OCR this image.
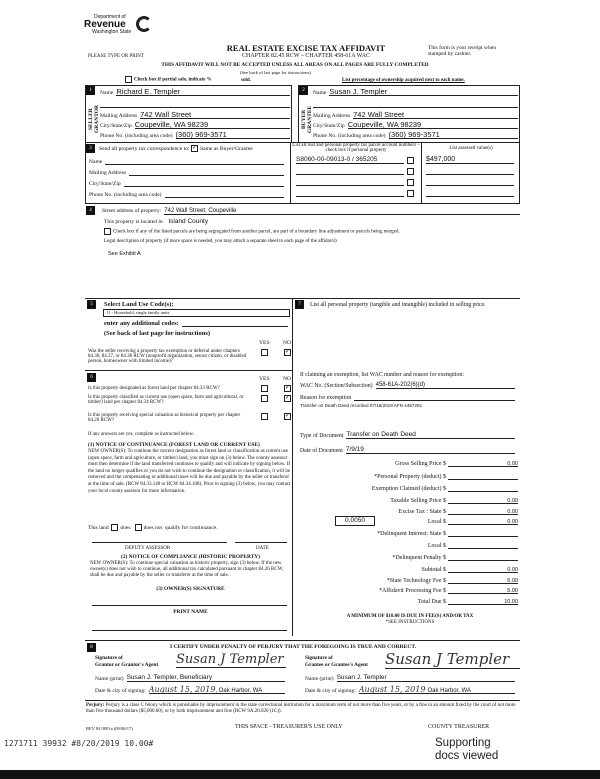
Department of
Revenue
Washington State
PLEASE TYPE OR PRINT
REAL ESTATE EXCISE TAX AFFIDAVIT
CHAPTER 82.45 RCW – CHAPTER 458-61A WAC
This form is your receipt when stamped by cashier.
THIS AFFIDAVIT WILL NOT BE ACCEPTED UNLESS ALL AREAS ON ALL PAGES ARE FULLY COMPLETED
(See back of last page for instructions)
Check box if partial sale, indicate %	sold.	List percentage of ownership acquired next to each name.
1
SELLER GRANTOR
2
BUYER GRANTEE
Name Richard E. Templer
Mailing Address 742 Wall Street
City/State/Zip Coupeville, WA 98239
Phone No. (including area code) (360) 969-3571
Name Susan J. Templer
Mailing Address 742 Wall Street
City/State/Zip Coupeville, WA 98239
Phone No. (including area code) (360) 969-3571
3	Send all property tax correspondence to:
✓ Same as Buyer/Grantee
Name
Mailing Address
City/State/Zip
Phone No. (including area code)
List all real and personal property tax parcel account numbers – check box if personal property	List assessed value(s)
S8060-00-09013-0 / 365205	$497,000
4	Street address of property: 742 Wall Street, Coupeville
This property is located in Island County
Check box if any of the listed parcels are being segregated from another parcel, are part of a boundary line adjustment or parcels being merged.
Legal description of property (if more space is needed, you may attach a separate sheet to each page of the affidavit)
See Exhibit A
5	Select Land Use Code(s):
11 - Household, single family units
enter any additional codes:
(See back of last page for instructions)
YES NO
Was the seller receiving a property tax exemption or deferral under chapters 84.36, 84.37, or 84.38 RCW (nonprofit organization, senior citizen, or disabled person, homeowner with limited income)?
✓
6	YES NO
Is this property designated as forest land per chapter 84.33 RCW?	✓
Is this property classified as current use (open space, farm and agricultural, or timber) land per chapter 84.34 RCW?
✓
Is this property receiving special valuation as historical property per chapter 84.26 RCW?
✓
If any answers are yes, complete as instructed below.
(1) NOTICE OF CONTINUANCE (FOREST LAND OR CURRENT USE)
NEW OWNER(S): To continue the current designation as forest land or classification as current use (open space, farm and agriculture, or timber) land, you must sign on (3) below. The county assessor must then determine if the land transferred continues to qualify and will indicate by signing below. If the land no longer qualifies or you do not wish to continue the designation or classification, it will be removed and the compensating or additional taxes will be due and payable by the seller or transferor at the time of sale. (RCW 84.33.140 or RCW 84.34.108). Prior to signing (3) below, you may contact your local county assessor for more information.
This land
does
does not
qualify for continuance.
DEPUTY ASSESSOR	DATE
(2) NOTICE OF COMPLIANCE (HISTORIC PROPERTY)
NEW OWNER(S): To continue special valuation as historic property, sign (3) below. If the new owner(s) does not wish to continue, all additional tax calculated pursuant to chapter 84.26 RCW, shall be due and payable by the seller or transferor at the time of sale.
(3) OWNER(S) SIGNATURE
PRINT NAME
7	List all personal property (tangible and intangible) included in selling price.
If claiming an exemption, list WAC number and reason for exemption:
WAC No. (Section/Subsection) 458-61A-202(6)(d)
Reason for exemption
Transfer on Death Deed recorded 07/16/2019 AFN 4467291
Type of Document Transfer on Death Deed
Date of Document 7/9/19
Gross Selling Price $	0.00
*Personal Property (deduct) $
Exemption Claimed (deduct) $
Taxable Selling Price $	0.00
Excise Tax : State $	0.00
Local $	0.00
0.0050
*Delinquent Interest: State $
Local $
*Delinquent Penalty $
Subtotal $	0.00
*State Technology Fee $	5.00
*Affidavit Processing Fee $	5.00
Total Due $	10.00
A MINIMUM OF $10.00 IS DUE IN FEE(S) AND/OR TAX
*SEE INSTRUCTIONS
8	I CERTIFY UNDER PENALTY OF PERJURY THAT THE FOREGOING IS TRUE AND CORRECT.
Signature of
Grantor or Grantor's Agent Susan J Templer
Name (print) Susan J. Templer, Beneficiary
Date & city of signing: August 15, 2019, Oak Harbor, WA
Signature of
Grantee or Grantee's Agent Susan J Templer
Name (print) Susan J. Templer
Date & city of signing: August 15, 2019 Oak Harbor, WA
Perjury: Perjury is a class C felony which is punishable by imprisonment in the state correctional institution for a maximum term of not more than five years, or by a fine in an amount fixed by the court of not more than five thousand dollars ($5,000.00), or by both imprisonment and fine (RCW 9A.20.020 (1C)).
REV 84 0001a (09/06/17)	THIS SPACE - TREASURER'S USE ONLY	COUNTY TREASURER
1271711 39932 #8/20/2019 10.00#	Supporting docs viewed
